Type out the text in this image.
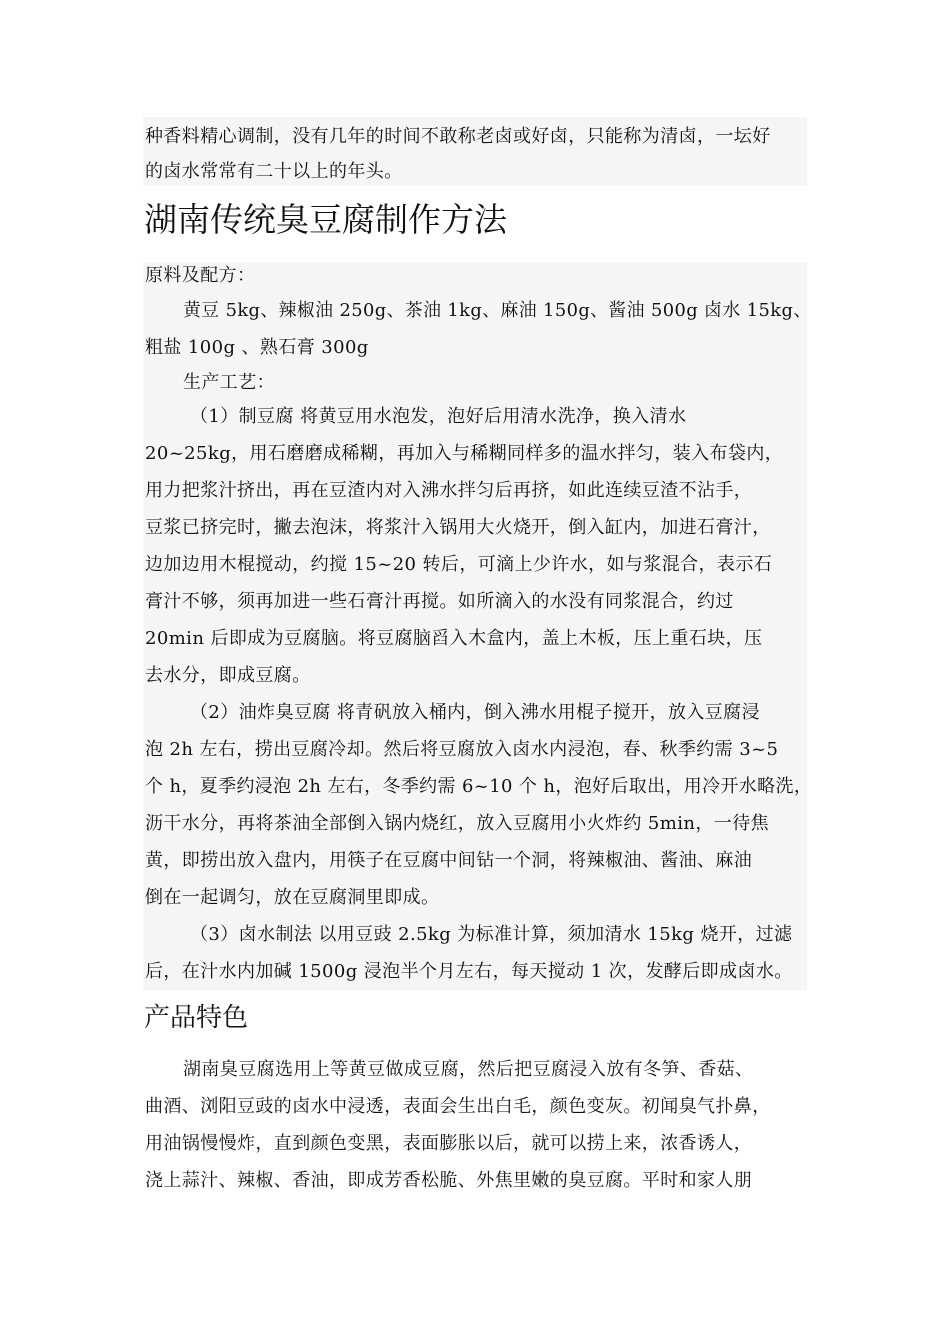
种香料精心调制，没有几年的时间不敢称老卤或好卤，只能称为清卤，一坛好
的卤水常常有二十以上的年头。
湖南传统臭豆腐制作方法
原料及配方：
黄豆 5kg、辣椒油 250g、茶油 1kg、麻油 150g、酱油 500g 卤水 15kg、
粗盐 100g 、熟石膏 300g
生产工艺：
（1）制豆腐 将黄豆用水泡发，泡好后用清水洗净，换入清水
20~25kg，用石磨磨成稀糊，再加入与稀糊同样多的温水拌匀，装入布袋内，
用力把浆汁挤出，再在豆渣内对入沸水拌匀后再挤，如此连续豆渣不沾手，
豆浆已挤完时，撇去泡沫，将浆汁入锅用大火烧开，倒入缸内，加进石膏汁，
边加边用木棍搅动，约搅 15~20 转后，可滴上少许水，如与浆混合，表示石
膏汁不够，须再加进一些石膏汁再搅。如所滴入的水没有同浆混合，约过
20min 后即成为豆腐脑。将豆腐脑舀入木盒内，盖上木板，压上重石块，压
去水分，即成豆腐。
（2）油炸臭豆腐 将青矾放入桶内，倒入沸水用棍子搅开，放入豆腐浸
泡 2h 左右，捞出豆腐冷却。然后将豆腐放入卤水内浸泡，春、秋季约需 3~5
个 h，夏季约浸泡 2h 左右，冬季约需 6~10 个 h，泡好后取出，用冷开水略洗，
沥干水分，再将茶油全部倒入锅内烧红，放入豆腐用小火炸约 5min，一待焦
黄，即捞出放入盘内，用筷子在豆腐中间钻一个洞，将辣椒油、酱油、麻油
倒在一起调匀，放在豆腐洞里即成。
（3）卤水制法 以用豆豉 2.5kg 为标准计算，须加清水 15kg 烧开，过滤
后，在汁水内加碱 1500g 浸泡半个月左右，每天搅动 1 次，发酵后即成卤水。
产品特色
湖南臭豆腐选用上等黄豆做成豆腐，然后把豆腐浸入放有冬笋、香菇、
曲酒、浏阳豆豉的卤水中浸透，表面会生出白毛，颜色变灰。初闻臭气扑鼻，
用油锅慢慢炸，直到颜色变黑，表面膨胀以后，就可以捞上来，浓香诱人，
浇上蒜汁、辣椒、香油，即成芳香松脆、外焦里嫩的臭豆腐。平时和家人朋
